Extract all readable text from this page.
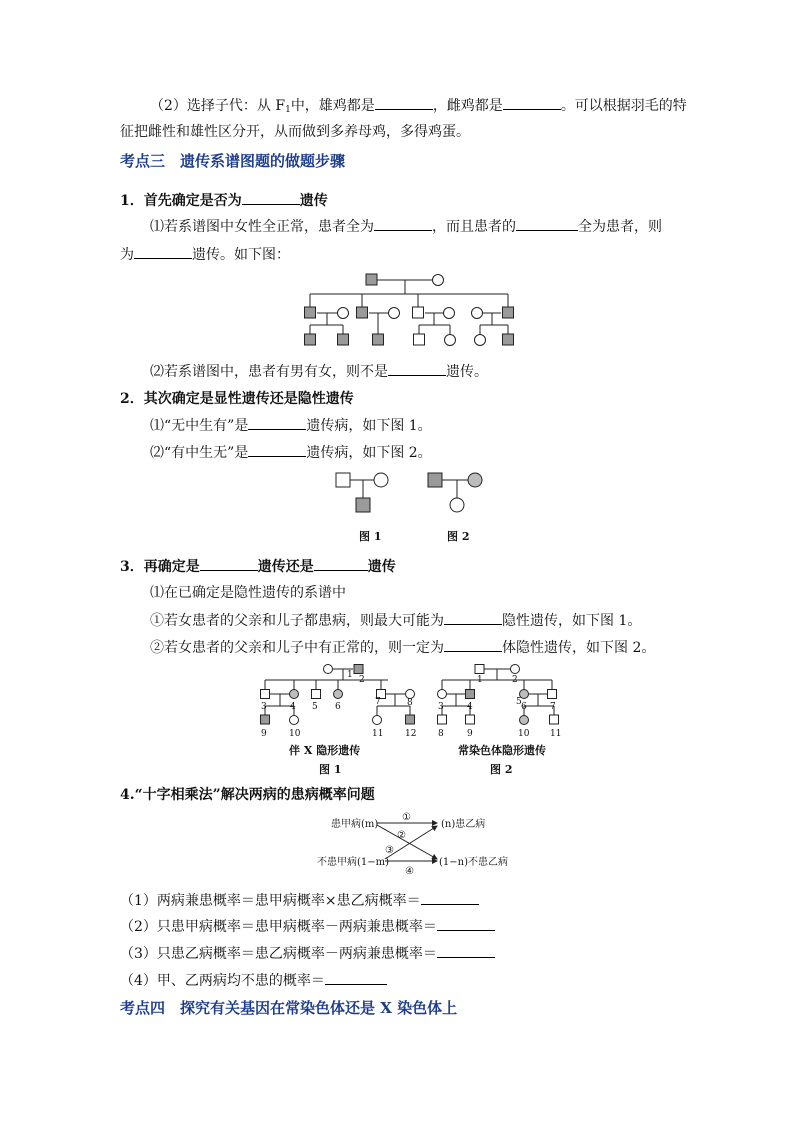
（2）选择子代：从 $F_1$中，雄鸡都是	，雌鸡都是	。可以根据羽毛的特
征把雌性和雄性区分开，从而做到多养母鸡，多得鸡蛋。
考点三　遗传系谱图题的做题步骤
1．首先确定是否为	遗传
⑴若系谱图中女性全正常，患者全为	，而且患者的	全为患者，则
为	遗传。如下图：
⑵若系谱图中，患者有男有女，则不是	遗传。
2．其次确定是显性遗传还是隐性遗传
⑴“无中生有”是	遗传病，如下图 1。
⑵“有中生无”是	遗传病，如下图 2。
图 1	图 2
3．再确定是	遗传还是	遗传
⑴在已确定是隐性遗传的系谱中
①若女患者的父亲和儿子都患病，则最大可能为	隐性遗传，如下图 1。
②若女患者的父亲和儿子中有正常的，则一定为	体隐性遗传，如下图 2。
1 2
3	4 5 6	7	8
9 10	11 12
1	2
3	4	5 6	7
8	9	10 11
伴 X 隐形遗传
图 1
常染色体隐形遗传
图 2
4.“十字相乘法”解决两病的患病概率问题
患甲病(m)
不患甲病(1−m)
(n)患乙病
(1−n)不患乙病
①
②
③
④
（1）两病兼患概率＝患甲病概率×患乙病概率＝
（2）只患甲病概率＝患甲病概率－两病兼患概率＝
（3）只患乙病概率＝患乙病概率－两病兼患概率＝
（4）甲、乙两病均不患的概率＝
考点四　探究有关基因在常染色体还是 X 染色体上
